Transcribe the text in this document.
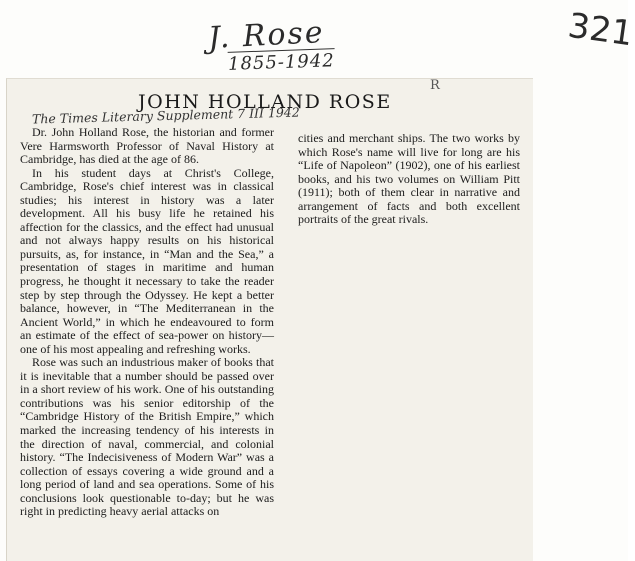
J. Rose
1855-1942
321
R
JOHN HOLLAND ROSE
The Times Literary Supplement 7 III 1942

Dr. John Holland Rose, the historian and former Vere Harmsworth Professor of Naval History at Cambridge, has died at the age of 86.

In his student days at Christ's College, Cambridge, Rose's chief interest was in classical studies; his interest in history was a later development. All his busy life he retained his affection for the classics, and the effect had unusual and not always happy results on his historical pursuits, as, for instance, in “Man and the Sea,” a presentation of stages in maritime and human progress, he thought it necessary to take the reader step by step through the Odyssey. He kept a better balance, however, in “The Mediterranean in the Ancient World,” in which he endeavoured to form an estimate of the effect of sea-power on history—one of his most appealing and refreshing works.

Rose was such an industrious maker of books that it is inevitable that a number should be passed over in a short review of his work. One of his outstanding contributions was his senior editorship of the “Cambridge History of the British Empire,” which marked the increasing tendency of his interests in the direction of naval, commercial, and colonial history. “The Indecisiveness of Modern War” was a collection of essays covering a wide ground and a long period of land and sea operations. Some of his conclusions look questionable to-day; but he was right in predicting heavy aerial attacks on

cities and merchant ships. The two works by which Rose's name will live for long are his “Life of Napoleon” (1902), one of his earliest books, and his two volumes on William Pitt (1911); both of them clear in narrative and arrangement of facts and both excellent portraits of the great rivals.
